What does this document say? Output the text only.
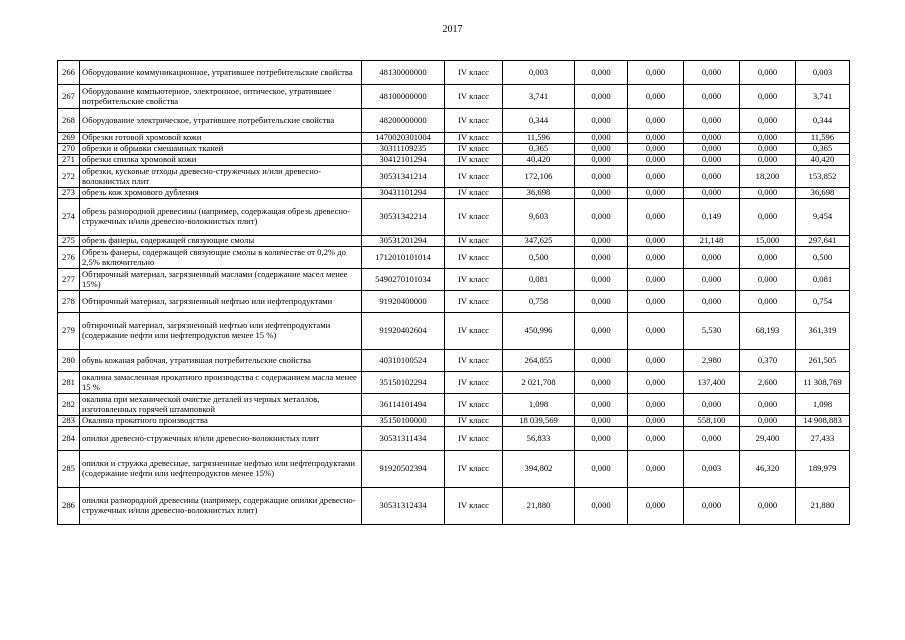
2017
266	Оборудование коммуникационное, утратившее потребительские свойства	48130000000	IV класс	0,003	0,000	0,000	0,000	0,000	0,003
267	Оборудование компьютерное, электронное, оптическое, утратившее потребительские свойства	48100000000	IV класс	3,741	0,000	0,000	0,000	0,000	3,741
268	Оборудование электрическое, утратившее потребительские свойства	48200000000	IV класс	0,344	0,000	0,000	0,000	0,000	0,344
269	Обрезки готовой хромовой кожи	1470020301004	IV класс	11,596	0,000	0,000	0,000	0,000	11,596
270	обрезки и обрывки смешанных тканей	30311109235	IV класс	0,365	0,000	0,000	0,000	0,000	0,365
271	обрезки спилка хромовой кожи	30412101294	IV класс	40,420	0,000	0,000	0,000	0,000	40,420
272	обрезки, кусковые отходы древесно-стружечных и/или древесно-волокнистых плит	30531341214	IV класс	172,106	0,000	0,000	0,000	18,200	153,852
273	обрезь кож хромового дубления	30431101294	IV класс	36,698	0,000	0,000	0,000	0,000	36,698
274	обрезь разнородной древесины (например, содержащая обрезь древесно-стружечных и/или древесно-волокнистых плит)	30531342214	IV класс	9,603	0,000	0,000	0,149	0,000	9,454
275	обрезь фанеры, содержащей связующие смолы	30531201294	IV класс	347,625	0,000	0,000	21,148	15,000	297,641
276	Обрезь фанеры, содержащей связующие смолы в количестве от 0,2% до 2,5% включительно	1712010101014	IV класс	0,500	0,000	0,000	0,000	0,000	0,500
277	Обтирочный материал, загрязненный маслами (содержание масел менее 15%)	5490270101034	IV класс	0,081	0,000	0,000	0,000	0,000	0,081
278	Обтирочный материал, загрязненный нефтью или нефтепродуктами	91920400000	IV класс	0,758	0,000	0,000	0,000	0,000	0,754
279	обтирочный материал, загрязненный нефтью или нефтепродуктами (содержание нефти или нефтепродуктов менее 15 %)	91920402604	IV класс	450,996	0,000	0,000	5,530	68,193	361,319
280	обувь кожаная рабочая, утратившая потребительские свойства	40310100524	IV класс	264,855	0,000	0,000	2,980	0,370	261,505
281	окалина замасленная прокатного производства с содержанием масла менее 15 %	35150102294	IV класс	2 021,708	0,000	0,000	137,400	2,600	11 308,769
282	окалина при механической очистке деталей из черных металлов, изготовленных горячей штамповкой	36114101494	IV класс	1,098	0,000	0,000	0,000	0,000	1,098
283	Окалина прокатного производства	35150100000	IV класс	18 039,569	0,000	0,000	558,100	0,000	14 908,883
284	опилки древесно-стружечных и/или древесно-волокнистых плит	30531311434	IV класс	56,833	0,000	0,000	0,000	29,400	27,433
285	опилки и стружка древесные, загрязненные нефтью или нефтепродуктами (содержание нефти или нефтепродуктов менее 15%)	91920502394	IV класс	394,802	0,000	0,000	0,003	46,320	189,979
286	опилки разнородной древесины (например, содержащие опилки древесно-стружечных и/или древесно-волокнистых плит)	30531312434	IV класс	21,880	0,000	0,000	0,000	0,000	21,880
